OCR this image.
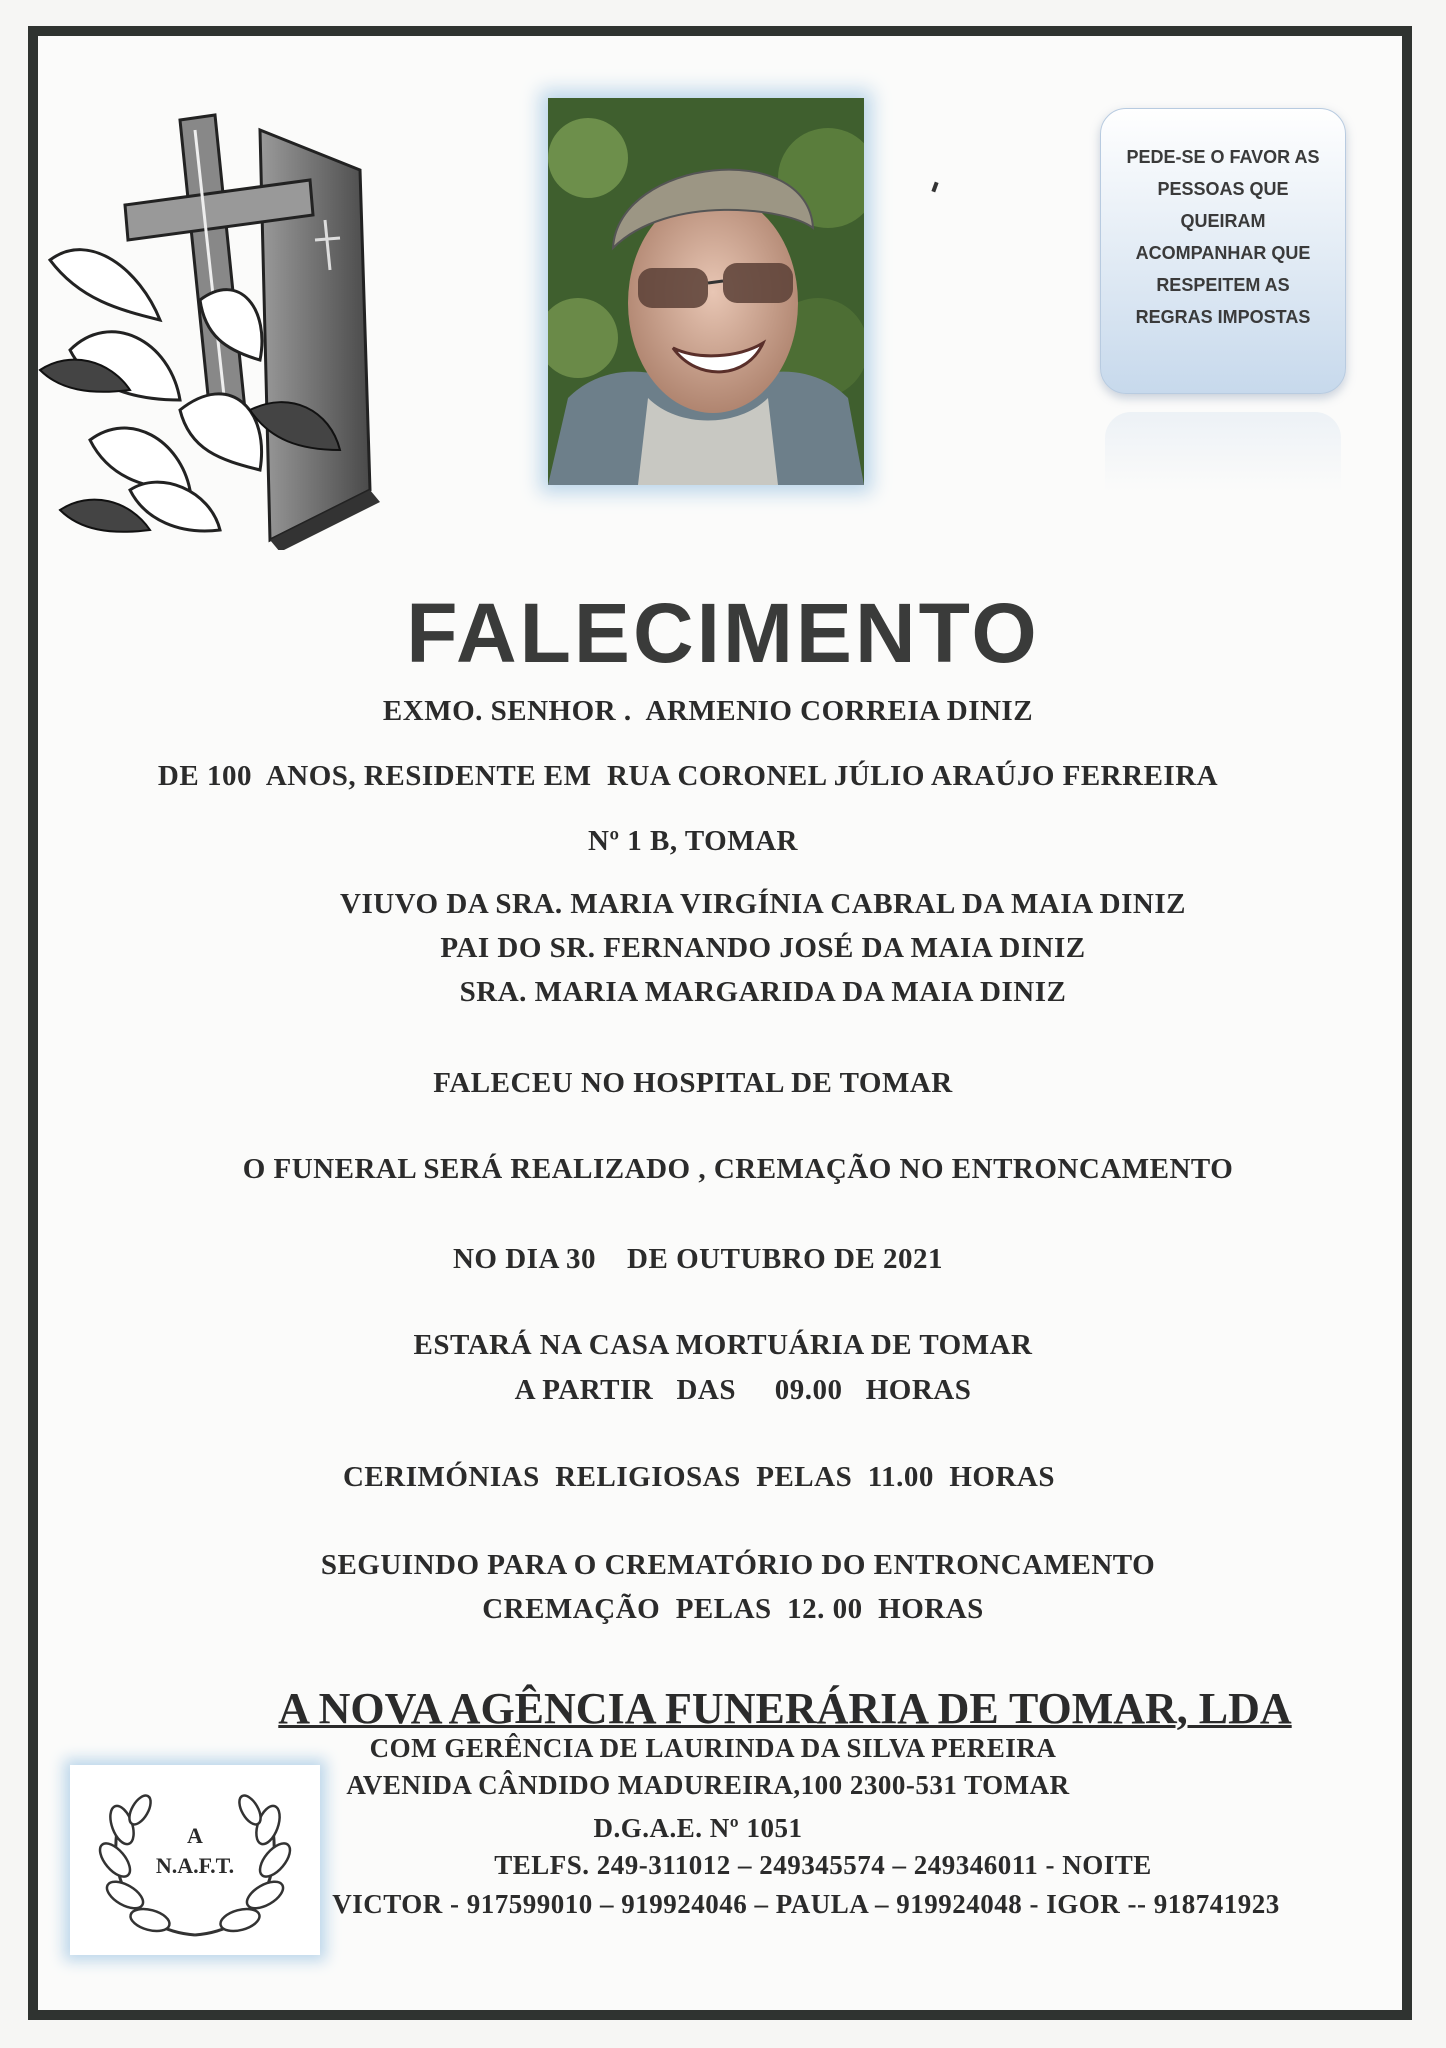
PEDE-SE O FAVOR AS
PESSOAS QUE
QUEIRAM
ACOMPANHAR QUE
RESPEITEM AS
REGRAS IMPOSTAS
FALECIMENTO
EXMO. SENHOR .  ARMENIO CORREIA DINIZ
DE 100  ANOS, RESIDENTE EM  RUA CORONEL JÚLIO ARAÚJO FERREIRA
Nº 1 B, TOMAR
VIUVO DA SRA. MARIA VIRGÍNIA CABRAL DA MAIA DINIZ
PAI DO SR. FERNANDO JOSÉ DA MAIA DINIZ
SRA. MARIA MARGARIDA DA MAIA DINIZ
FALECEU NO HOSPITAL DE TOMAR
O FUNERAL SERÁ REALIZADO , CREMAÇÃO NO ENTRONCAMENTO
NO DIA 30    DE OUTUBRO DE 2021
ESTARÁ NA CASA MORTUÁRIA DE TOMAR
A PARTIR   DAS     09.00   HORAS
CERIMÓNIAS  RELIGIOSAS  PELAS  11.00  HORAS
SEGUINDO PARA O CREMATÓRIO DO ENTRONCAMENTO
CREMAÇÃO  PELAS  12. 00  HORAS
A NOVA AGÊNCIA FUNERÁRIA DE TOMAR, LDA
A
N.A.F.T.
COM GERÊNCIA DE LAURINDA DA SILVA PEREIRA
AVENIDA CÂNDIDO MADUREIRA,100 2300-531 TOMAR
D.G.A.E. Nº 1051
TELFS. 249-311012 – 249345574 – 249346011 - NOITE
VICTOR - 917599010 – 919924046 – PAULA – 919924048 - IGOR -- 918741923
